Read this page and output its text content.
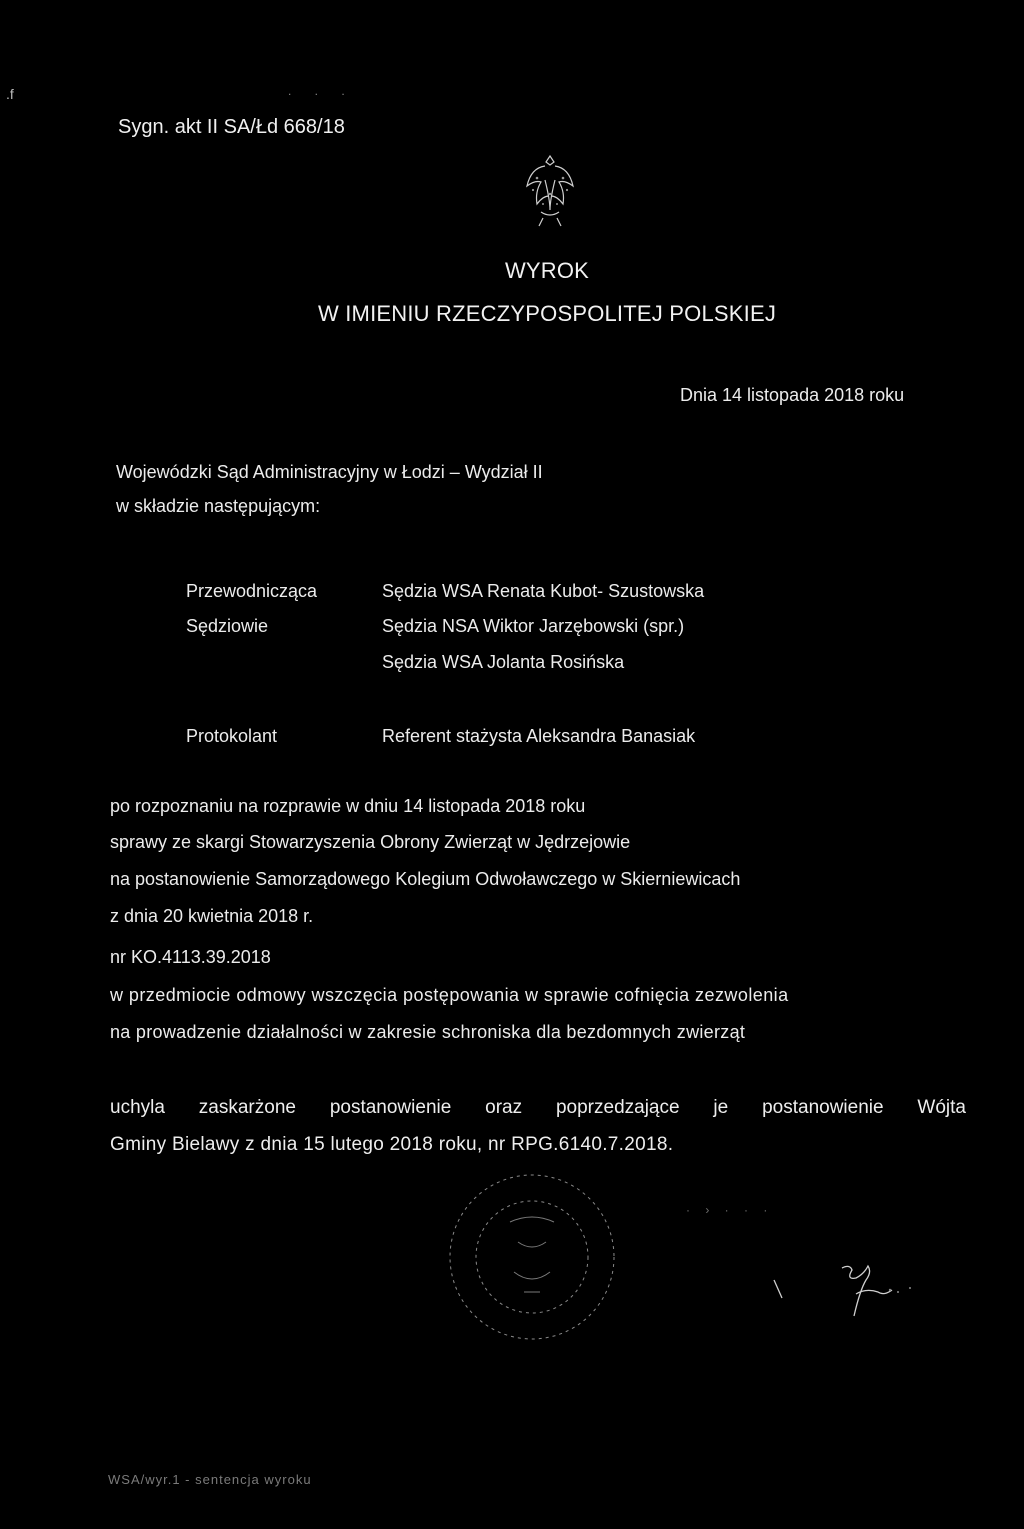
.f	. . .
Sygn. akt II SA/Łd 668/18
WYROK
W IMIENIU RZECZYPOSPOLITEJ POLSKIEJ
Dnia 14 listopada 2018 roku
Wojewódzki Sąd Administracyjny w Łodzi – Wydział II
w składzie następującym:
Przewodnicząca	Sędzia WSA Renata Kubot- Szustowska
Sędziowie	Sędzia NSA Wiktor Jarzębowski (spr.)
Sędzia WSA Jolanta Rosińska
Protokolant	Referent stażysta Aleksandra Banasiak
po rozpoznaniu na rozprawie w dniu 14 listopada 2018 roku
sprawy ze skargi Stowarzyszenia Obrony Zwierząt w Jędrzejowie
na postanowienie Samorządowego Kolegium Odwoławczego w Skierniewicach
z dnia 20 kwietnia 2018 r.
nr KO.4113.39.2018
w przedmiocie odmowy wszczęcia postępowania w sprawie cofnięcia zezwolenia
na prowadzenie działalności w zakresie schroniska dla bezdomnych zwierząt
uchyla zaskarżone postanowienie oraz poprzedzające je postanowienie Wójta
Gminy Bielawy z dnia 15 lutego 2018 roku, nr RPG.6140.7.2018.
· › · · ·
WSA/wyr.1 - sentencja wyroku
